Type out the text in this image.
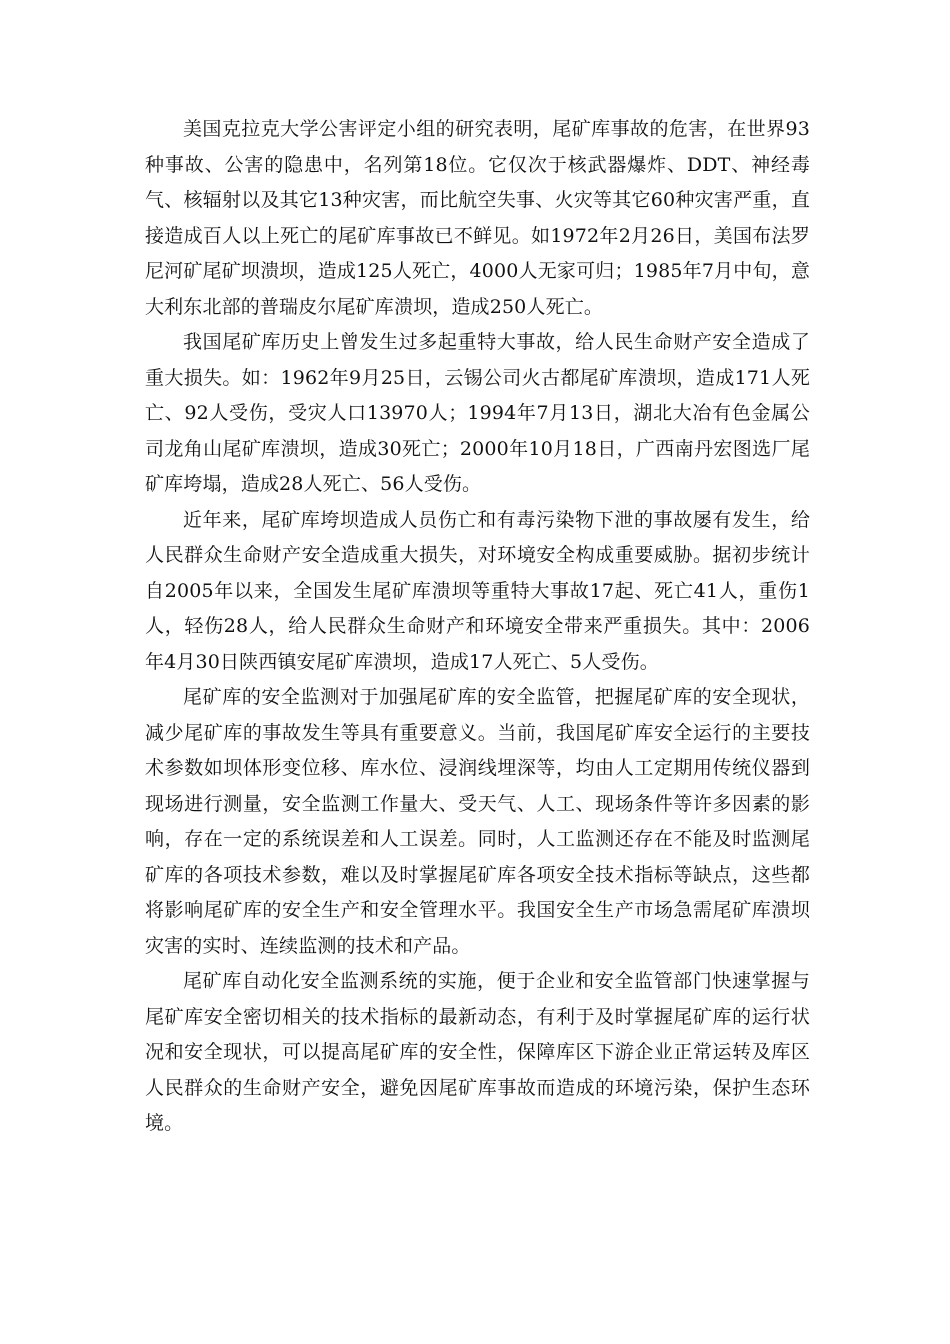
美国克拉克大学公害评定小组的研究表明，尾矿库事故的危害，在世界93种事故、公害的隐患中，名列第18位。它仅次于核武器爆炸、DDT、神经毒气、核辐射以及其它13种灾害，而比航空失事、火灾等其它60种灾害严重，直接造成百人以上死亡的尾矿库事故已不鲜见。如1972年2月26日，美国布法罗尼河矿尾矿坝溃坝，造成125人死亡，4000人无家可归；1985年7月中旬，意大利东北部的普瑞皮尔尾矿库溃坝，造成250人死亡。

我国尾矿库历史上曾发生过多起重特大事故，给人民生命财产安全造成了重大损失。如：1962年9月25日，云锡公司火古都尾矿库溃坝，造成171人死亡、92人受伤，受灾人口13970人；1994年7月13日，湖北大冶有色金属公司龙角山尾矿库溃坝，造成30死亡；2000年10月18日，广西南丹宏图选厂尾矿库垮塌，造成28人死亡、56人受伤。

近年来，尾矿库垮坝造成人员伤亡和有毒污染物下泄的事故屡有发生，给人民群众生命财产安全造成重大损失，对环境安全构成重要威胁。据初步统计自2005年以来，全国发生尾矿库溃坝等重特大事故17起、死亡41人，重伤1人，轻伤28人，给人民群众生命财产和环境安全带来严重损失。其中：2006年4月30日陕西镇安尾矿库溃坝，造成17人死亡、5人受伤。

尾矿库的安全监测对于加强尾矿库的安全监管，把握尾矿库的安全现状，减少尾矿库的事故发生等具有重要意义。当前，我国尾矿库安全运行的主要技术参数如坝体形变位移、库水位、浸润线埋深等，均由人工定期用传统仪器到现场进行测量，安全监测工作量大、受天气、人工、现场条件等许多因素的影响，存在一定的系统误差和人工误差。同时，人工监测还存在不能及时监测尾矿库的各项技术参数，难以及时掌握尾矿库各项安全技术指标等缺点，这些都将影响尾矿库的安全生产和安全管理水平。我国安全生产市场急需尾矿库溃坝灾害的实时、连续监测的技术和产品。

尾矿库自动化安全监测系统的实施，便于企业和安全监管部门快速掌握与尾矿库安全密切相关的技术指标的最新动态，有利于及时掌握尾矿库的运行状况和安全现状，可以提高尾矿库的安全性，保障库区下游企业正常运转及库区人民群众的生命财产安全，避免因尾矿库事故而造成的环境污染，保护生态环境。
